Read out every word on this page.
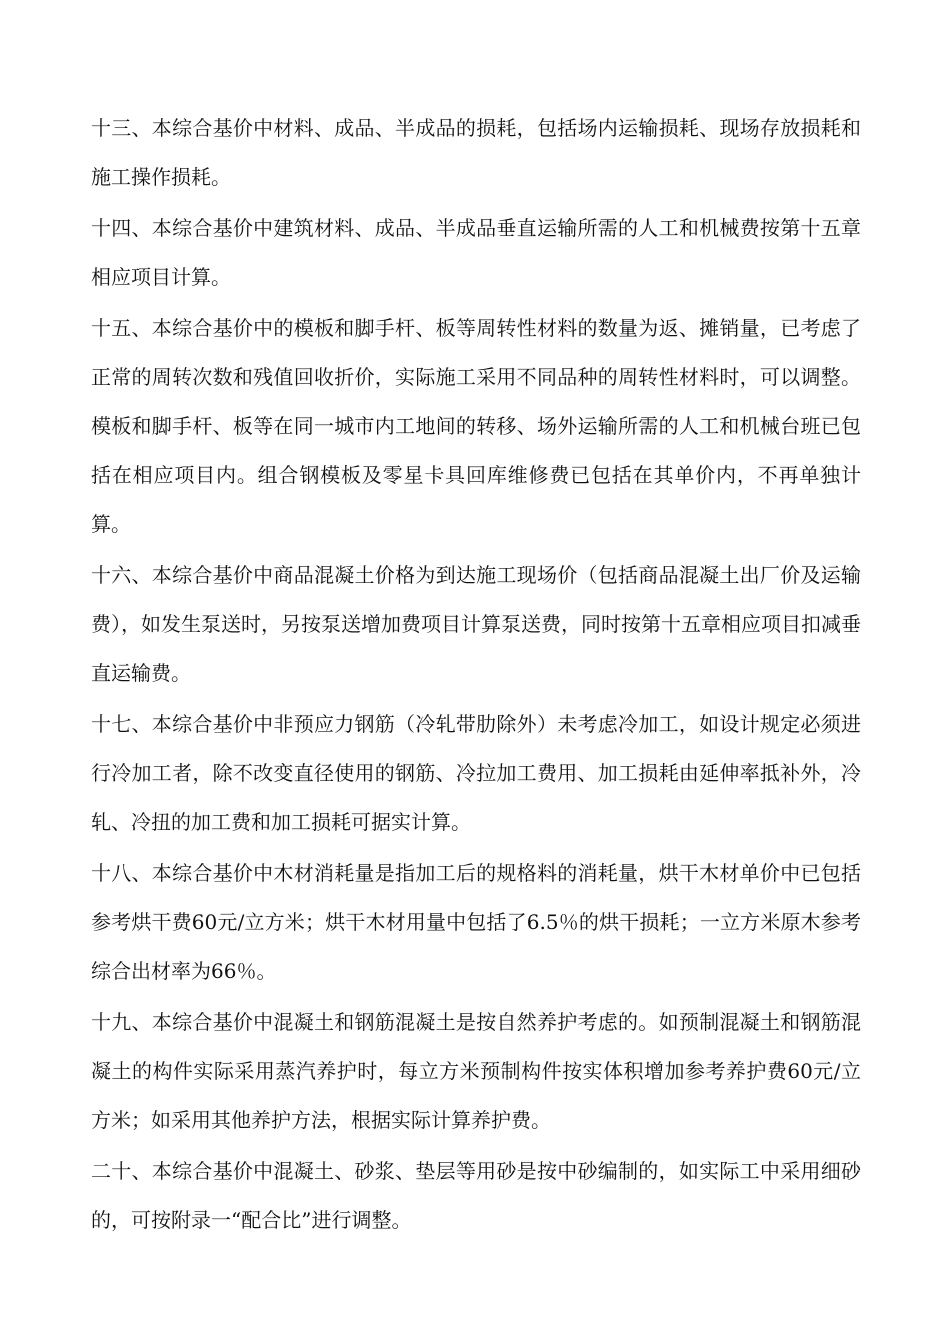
十三、本综合基价中材料、成品、半成品的损耗，包括场内运输损耗、现场存放损耗和施工操作损耗。

十四、本综合基价中建筑材料、成品、半成品垂直运输所需的人工和机械费按第十五章相应项目计算。

十五、本综合基价中的模板和脚手杆、板等周转性材料的数量为返、摊销量，已考虑了正常的周转次数和残值回收折价，实际施工采用不同品种的周转性材料时，可以调整。模板和脚手杆、板等在同一城市内工地间的转移、场外运输所需的人工和机械台班已包括在相应项目内。组合钢模板及零星卡具回库维修费已包括在其单价内，不再单独计算。

十六、本综合基价中商品混凝土价格为到达施工现场价（包括商品混凝土出厂价及运输费），如发生泵送时，另按泵送增加费项目计算泵送费，同时按第十五章相应项目扣减垂直运输费。

十七、本综合基价中非预应力钢筋（冷轧带肋除外）未考虑冷加工，如设计规定必须进行冷加工者，除不改变直径使用的钢筋、冷拉加工费用、加工损耗由延伸率抵补外，冷轧、冷扭的加工费和加工损耗可据实计算。

十八、本综合基价中木材消耗量是指加工后的规格料的消耗量，烘干木材单价中已包括参考烘干费60元/立方米；烘干木材用量中包括了6.5％的烘干损耗；一立方米原木参考综合出材率为66％。

十九、本综合基价中混凝土和钢筋混凝土是按自然养护考虑的。如预制混凝土和钢筋混凝土的构件实际采用蒸汽养护时，每立方米预制构件按实体积增加参考养护费60元/立方米；如采用其他养护方法，根据实际计算养护费。

二十、本综合基价中混凝土、砂浆、垫层等用砂是按中砂编制的，如实际工中采用细砂的，可按附录一“配合比”进行调整。
